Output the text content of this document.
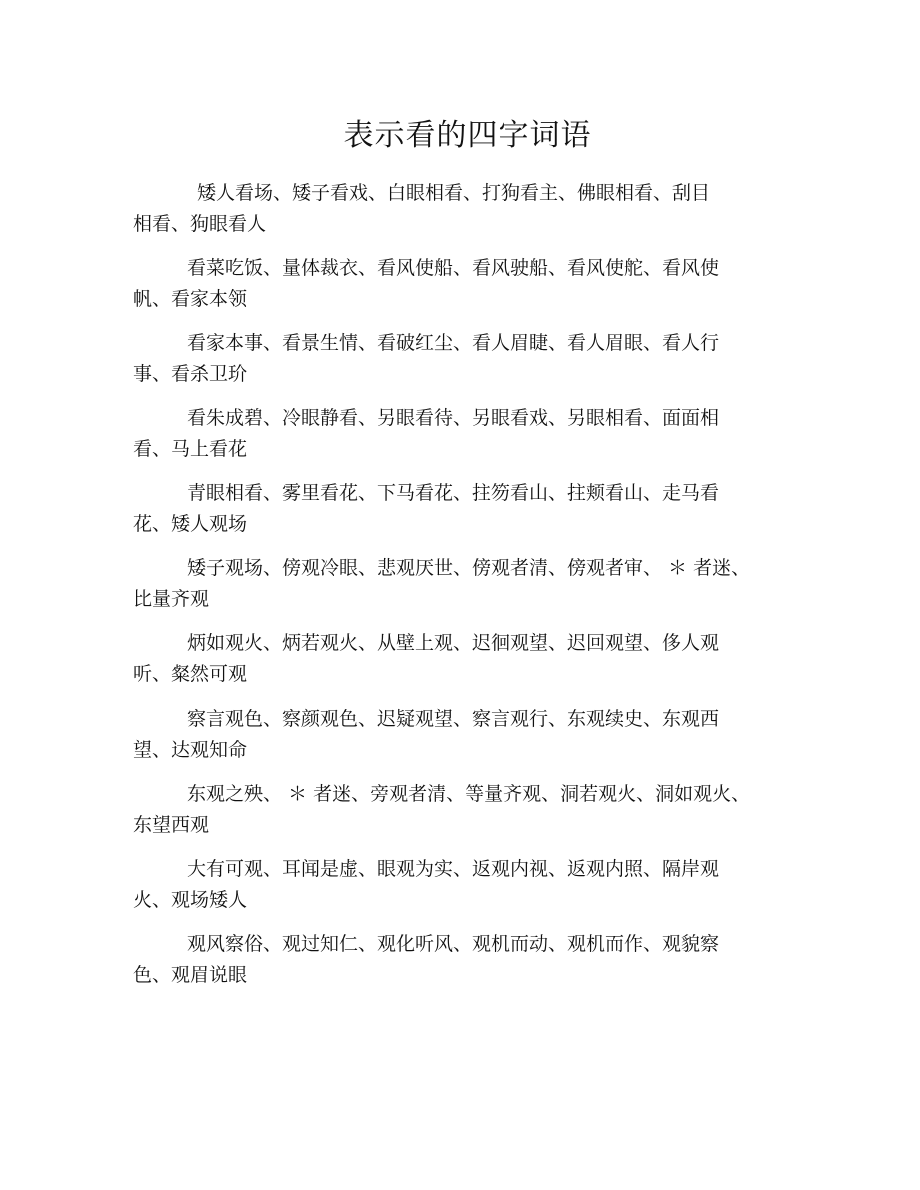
表示看的四字词语

矮人看场、矮子看戏、白眼相看、打狗看主、佛眼相看、刮目
相看、狗眼看人

看菜吃饭、量体裁衣、看风使船、看风驶船、看风使舵、看风使
帆、看家本领

看家本事、看景生情、看破红尘、看人眉睫、看人眉眼、看人行
事、看杀卫玠

看朱成碧、冷眼静看、另眼看待、另眼看戏、另眼相看、面面相
看、马上看花

青眼相看、雾里看花、下马看花、拄笏看山、拄颊看山、走马看
花、矮人观场

矮子观场、傍观冷眼、悲观厌世、傍观者清、傍观者审、 ＊ 者迷、
比量齐观

炳如观火、炳若观火、从壁上观、迟徊观望、迟回观望、侈人观
听、粲然可观

察言观色、察颜观色、迟疑观望、察言观行、东观续史、东观西
望、达观知命

东观之殃、 ＊ 者迷、旁观者清、等量齐观、洞若观火、洞如观火、
东望西观

大有可观、耳闻是虚、眼观为实、返观内视、返观内照、隔岸观
火、观场矮人

观风察俗、观过知仁、观化听风、观机而动、观机而作、观貌察
色、观眉说眼
